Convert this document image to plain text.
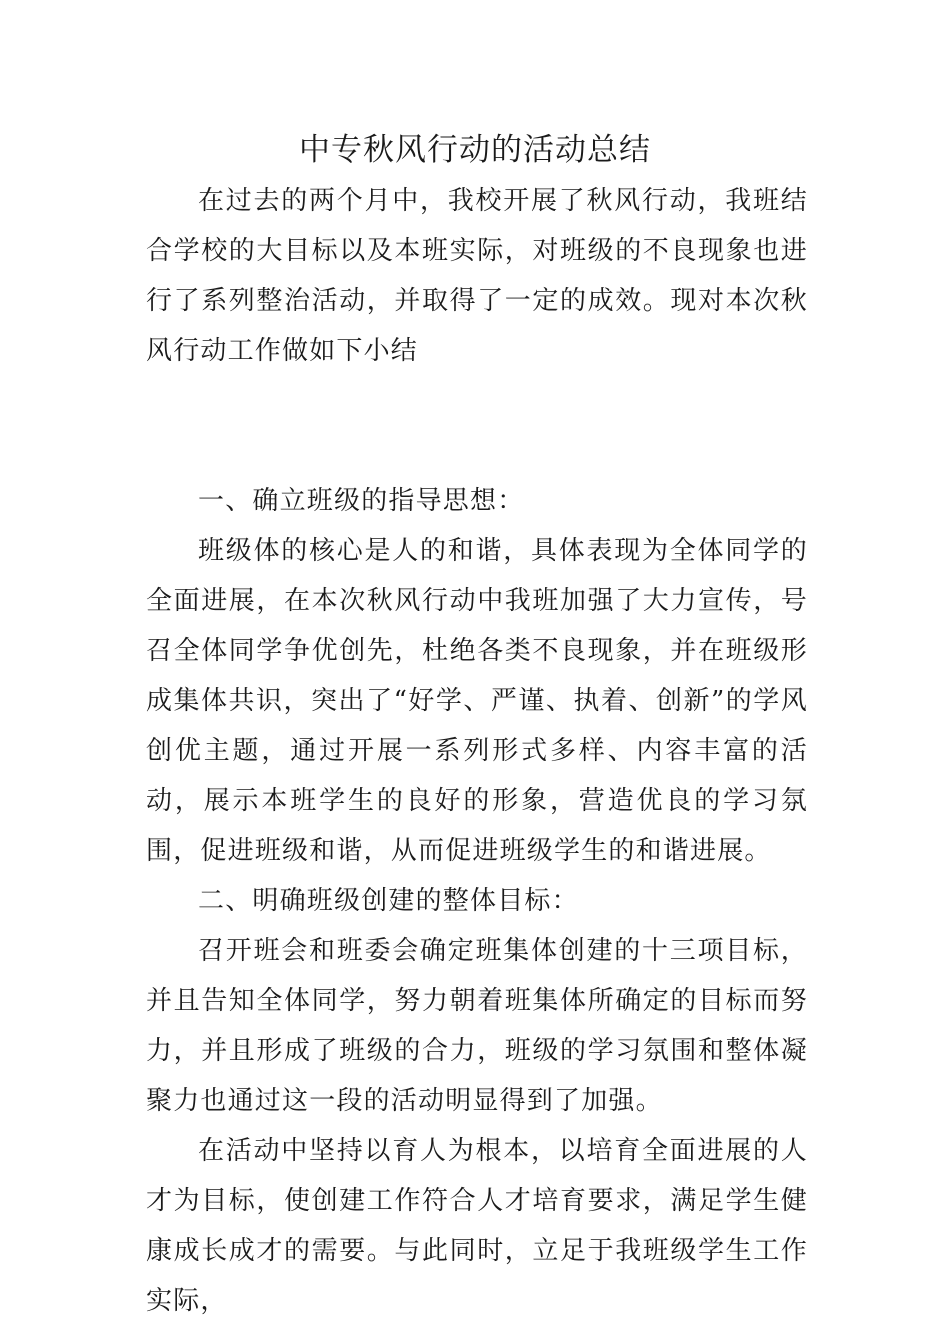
中专秋风行动的活动总结

在过去的两个月中，我校开展了秋风行动，我班结合学校的大目标以及本班实际，对班级的不良现象也进行了系列整治活动，并取得了一定的成效。现对本次秋风行动工作做如下小结

一、确立班级的指导思想：

班级体的核心是人的和谐，具体表现为全体同学的全面进展，在本次秋风行动中我班加强了大力宣传，号召全体同学争优创先，杜绝各类不良现象，并在班级形成集体共识，突出了“好学、严谨、执着、创新”的学风创优主题，通过开展一系列形式多样、内容丰富的活动，展示本班学生的良好的形象，营造优良的学习氛围，促进班级和谐，从而促进班级学生的和谐进展。

二、明确班级创建的整体目标：

召开班会和班委会确定班集体创建的十三项目标，并且告知全体同学，努力朝着班集体所确定的目标而努力，并且形成了班级的合力，班级的学习氛围和整体凝聚力也通过这一段的活动明显得到了加强。

在活动中坚持以育人为根本，以培育全面进展的人才为目标，使创建工作符合人才培育要求，满足学生健康成长成才的需要。与此同时，立足于我班级学生工作实际，
